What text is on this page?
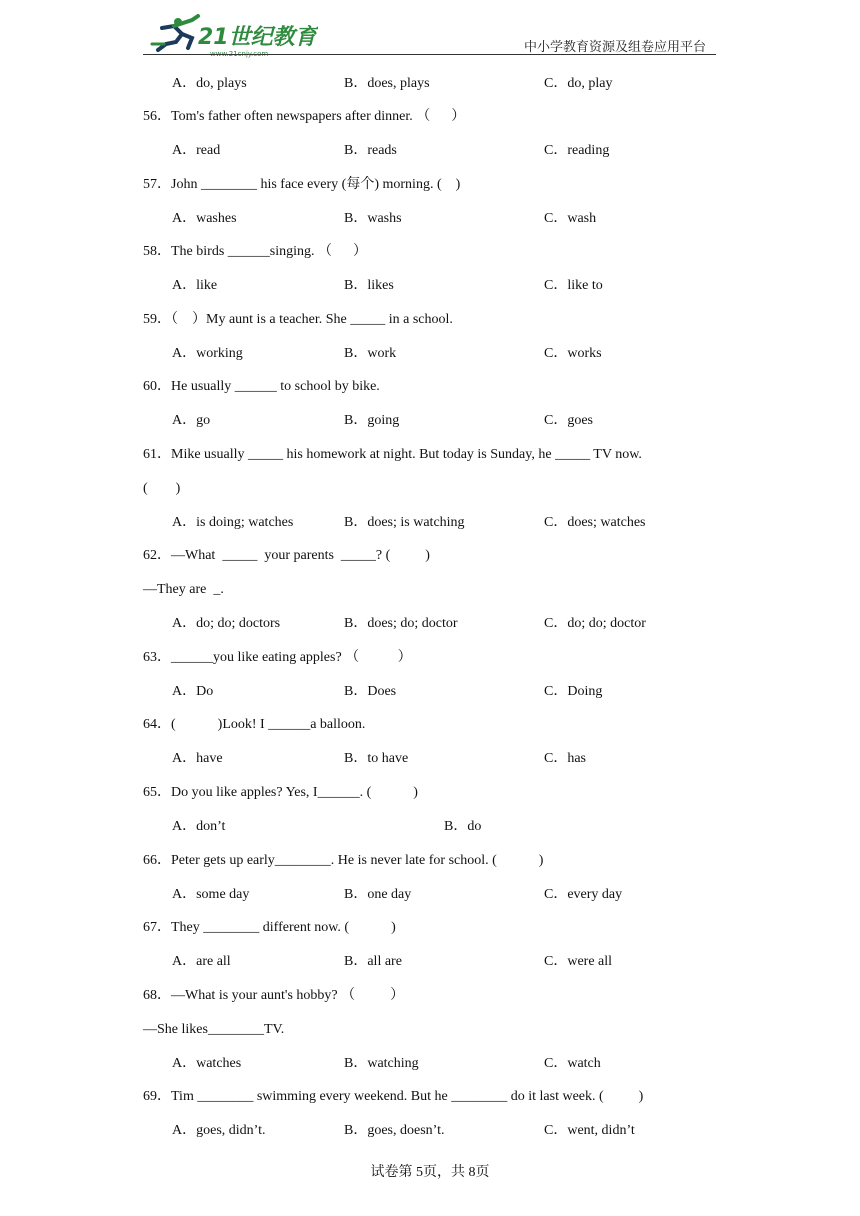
21世纪教育
www.21cnjy.com	中小学教育资源及组卷应用平台
A．do, plays	B．does, plays	C．do, play
56．Tom's father often newspapers after dinner. （      ）
A．read	B．reads	C．reading
57．John ________ his face every (每个) morning. (    )
A．washes	B．washs	C．wash
58．The birds ______singing. （      ）
A．like	B．likes	C．like to
59．（    ）My aunt is a teacher. She _____ in a school.
A．working	B．work	C．works
60．He usually ______ to school by bike.
A．go	B．going	C．goes
61．Mike usually _____ his homework at night. But today is Sunday, he _____ TV now.
(        )
A．is doing; watches	B．does; is watching	C．does; watches
62．—What  _____  your parents  _____? (          )
—They are  _.
A．do; do; doctors	B．does; do; doctor	C．do; do; doctor
63．______you like eating apples? （           ）
A．Do	B．Does	C．Doing
64．(            )Look! I ______a balloon.
A．have	B．to have	C．has
65．Do you like apples? Yes, I______. (            )
A．don’t	B．do
66．Peter gets up early________. He is never late for school. (            )
A．some day	B．one day	C．every day
67．They ________ different now. (            )
A．are all	B．all are	C．were all
68．—What is your aunt's hobby? （          ）
—She likes________TV.
A．watches	B．watching	C．watch
69．Tim ________ swimming every weekend. But he ________ do it last week. (          )
A．goes, didn’t.	B．goes, doesn’t.	C．went, didn’t
试卷第 5页，共 8页
